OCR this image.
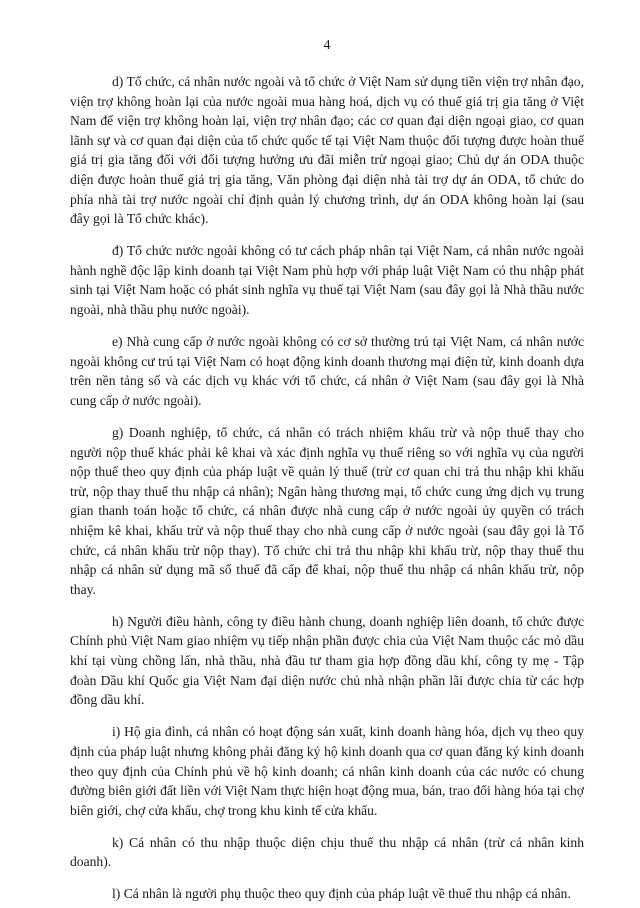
4

d) Tổ chức, cá nhân nước ngoài và tổ chức ở Việt Nam sử dụng tiền viện trợ nhân đạo, viện trợ không hoàn lại của nước ngoài mua hàng hoá, dịch vụ có thuế giá trị gia tăng ở Việt Nam để viện trợ không hoàn lại, viện trợ nhân đạo; các cơ quan đại diện ngoại giao, cơ quan lãnh sự và cơ quan đại diện của tổ chức quốc tế tại Việt Nam thuộc đối tượng được hoàn thuế giá trị gia tăng đối với đối tượng hưởng ưu đãi miễn trừ ngoại giao; Chủ dự án ODA thuộc diện được hoàn thuế giá trị gia tăng, Văn phòng đại diện nhà tài trợ dự án ODA, tổ chức do phía nhà tài trợ nước ngoài chỉ định quản lý chương trình, dự án ODA không hoàn lại (sau đây gọi là Tổ chức khác).

đ) Tổ chức nước ngoài không có tư cách pháp nhân tại Việt Nam, cá nhân nước ngoài hành nghề độc lập kinh doanh tại Việt Nam phù hợp với pháp luật Việt Nam có thu nhập phát sinh tại Việt Nam hoặc có phát sinh nghĩa vụ thuế tại Việt Nam (sau đây gọi là Nhà thầu nước ngoài, nhà thầu phụ nước ngoài).

e) Nhà cung cấp ở nước ngoài không có cơ sở thường trú tại Việt Nam, cá nhân nước ngoài không cư trú tại Việt Nam có hoạt động kinh doanh thương mại điện tử, kinh doanh dựa trên nền tảng số và các dịch vụ khác với tổ chức, cá nhân ở Việt Nam (sau đây gọi là Nhà cung cấp ở nước ngoài).

g) Doanh nghiệp, tổ chức, cá nhân có trách nhiệm khấu trừ và nộp thuế thay cho người nộp thuế khác phải kê khai và xác định nghĩa vụ thuế riêng so với nghĩa vụ của người nộp thuế theo quy định của pháp luật về quản lý thuế (trừ cơ quan chi trả thu nhập khi khấu trừ, nộp thay thuế thu nhập cá nhân); Ngân hàng thương mại, tổ chức cung ứng dịch vụ trung gian thanh toán hoặc tổ chức, cá nhân được nhà cung cấp ở nước ngoài ủy quyền có trách nhiệm kê khai, khấu trừ và nộp thuế thay cho nhà cung cấp ở nước ngoài (sau đây gọi là Tổ chức, cá nhân khấu trừ nộp thay). Tổ chức chi trả thu nhập khi khấu trừ, nộp thay thuế thu nhập cá nhân sử dụng mã số thuế đã cấp để khai, nộp thuế thu nhập cá nhân khấu trừ, nộp thay.

h) Người điều hành, công ty điều hành chung, doanh nghiệp liên doanh, tổ chức được Chính phủ Việt Nam giao nhiệm vụ tiếp nhận phần được chia của Việt Nam thuộc các mỏ dầu khí tại vùng chồng lấn, nhà thầu, nhà đầu tư tham gia hợp đồng dầu khí, công ty mẹ - Tập đoàn Dầu khí Quốc gia Việt Nam đại diện nước chủ nhà nhận phần lãi được chia từ các hợp đồng dầu khí.

i) Hộ gia đình, cá nhân có hoạt động sản xuất, kinh doanh hàng hóa, dịch vụ theo quy định của pháp luật nhưng không phải đăng ký hộ kinh doanh qua cơ quan đăng ký kinh doanh theo quy định của Chính phủ về hộ kinh doanh; cá nhân kinh doanh của các nước có chung đường biên giới đất liền với Việt Nam thực hiện hoạt động mua, bán, trao đổi hàng hóa tại chợ biên giới, chợ cửa khẩu, chợ trong khu kinh tế cửa khẩu.

k) Cá nhân có thu nhập thuộc diện chịu thuế thu nhập cá nhân (trừ cá nhân kinh doanh).

l) Cá nhân là người phụ thuộc theo quy định của pháp luật về thuế thu nhập cá nhân.
